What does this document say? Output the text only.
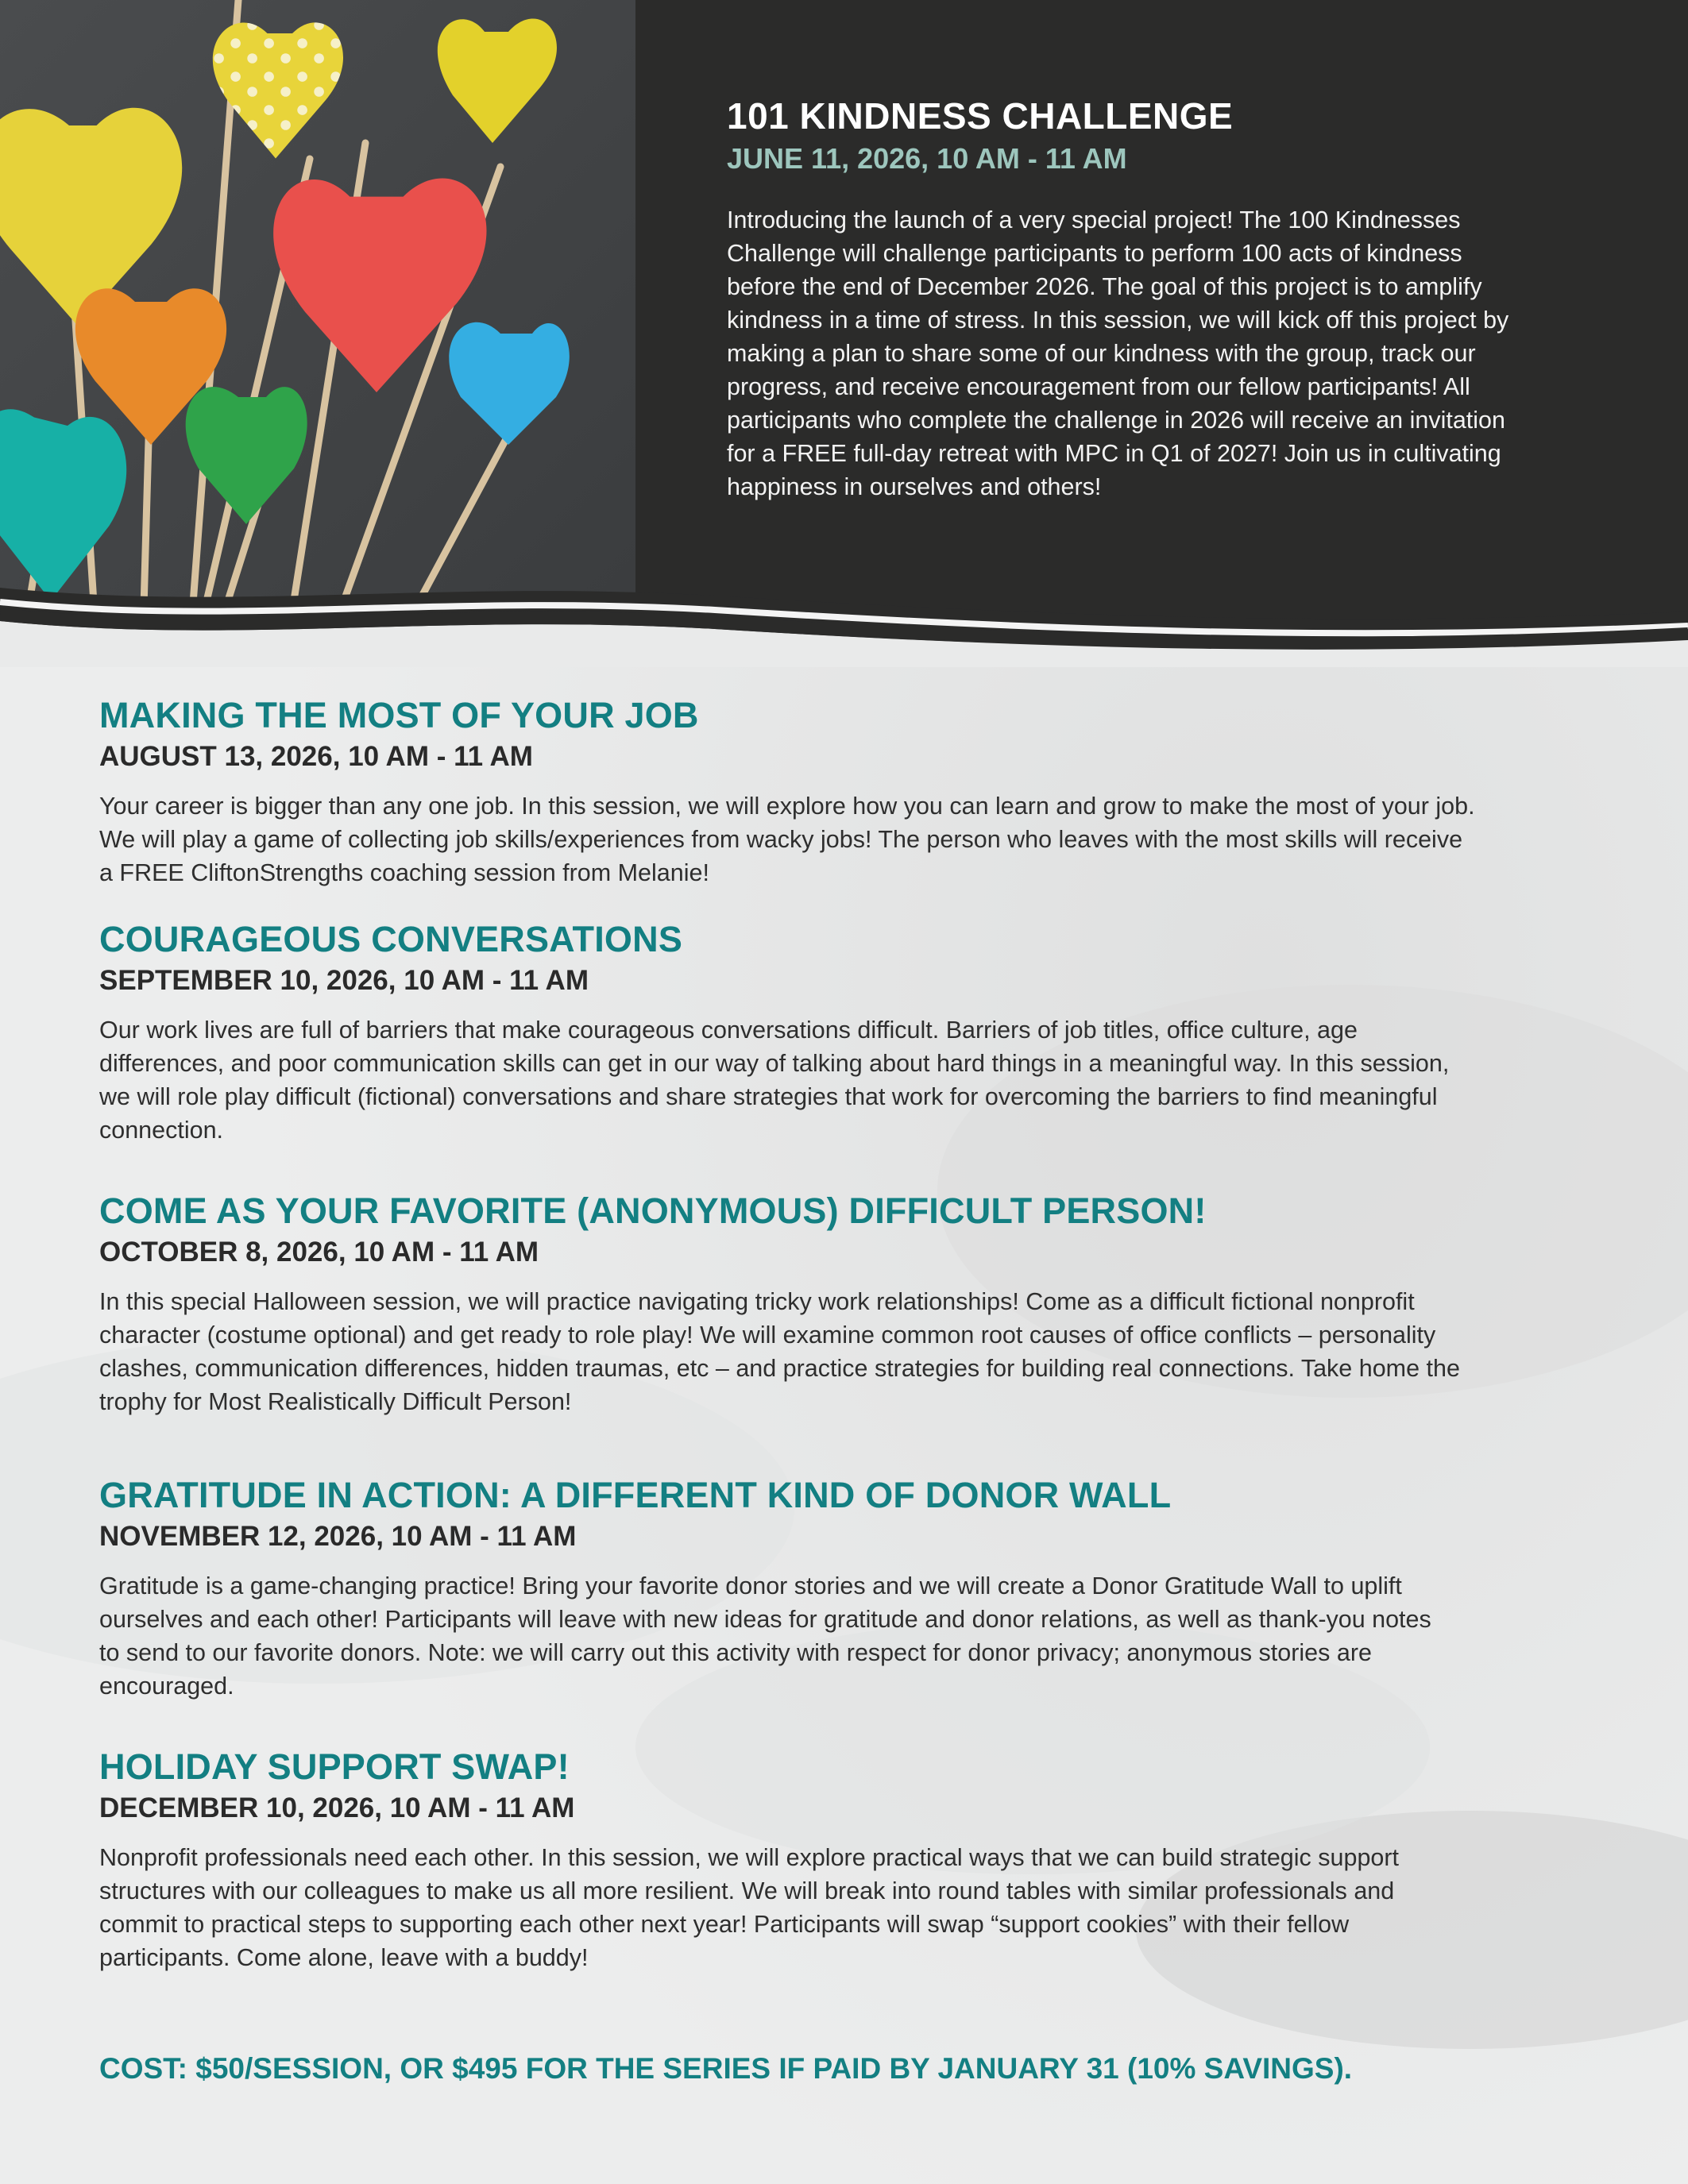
101 KINDNESS CHALLENGE
JUNE 11, 2026, 10 AM - 11 AM

Introducing the launch of a very special project! The 100 Kindnesses
Challenge will challenge participants to perform 100 acts of kindness
before the end of December 2026. The goal of this project is to amplify
kindness in a time of stress. In this session, we will kick off this project by
making a plan to share some of our kindness with the group, track our
progress, and receive encouragement from our fellow participants! All
participants who complete the challenge in 2026 will receive an invitation
for a FREE full-day retreat with MPC in Q1 of 2027! Join us in cultivating
happiness in ourselves and others!

MAKING THE MOST OF YOUR JOB
AUGUST 13, 2026, 10 AM - 11 AM

Your career is bigger than any one job. In this session, we will explore how you can learn and grow to make the most of your job.
We will play a game of collecting job skills/experiences from wacky jobs! The person who leaves with the most skills will receive
a FREE CliftonStrengths coaching session from Melanie!

COURAGEOUS CONVERSATIONS
SEPTEMBER 10, 2026, 10 AM - 11 AM

Our work lives are full of barriers that make courageous conversations difficult. Barriers of job titles, office culture, age
differences, and poor communication skills can get in our way of talking about hard things in a meaningful way. In this session,
we will role play difficult (fictional) conversations and share strategies that work for overcoming the barriers to find meaningful
connection.

COME AS YOUR FAVORITE (ANONYMOUS) DIFFICULT PERSON!
OCTOBER 8, 2026, 10 AM - 11 AM

In this special Halloween session, we will practice navigating tricky work relationships! Come as a difficult fictional nonprofit
character (costume optional) and get ready to role play! We will examine common root causes of office conflicts – personality
clashes, communication differences, hidden traumas, etc – and practice strategies for building real connections. Take home the
trophy for Most Realistically Difficult Person!

GRATITUDE IN ACTION: A DIFFERENT KIND OF DONOR WALL
NOVEMBER 12, 2026, 10 AM - 11 AM

Gratitude is a game-changing practice! Bring your favorite donor stories and we will create a Donor Gratitude Wall to uplift
ourselves and each other! Participants will leave with new ideas for gratitude and donor relations, as well as thank-you notes
to send to our favorite donors. Note: we will carry out this activity with respect for donor privacy; anonymous stories are
encouraged.

HOLIDAY SUPPORT SWAP!
DECEMBER 10, 2026, 10 AM - 11 AM

Nonprofit professionals need each other. In this session, we will explore practical ways that we can build strategic support
structures with our colleagues to make us all more resilient. We will break into round tables with similar professionals and
commit to practical steps to supporting each other next year! Participants will swap “support cookies” with their fellow
participants. Come alone, leave with a buddy!

COST: $50/SESSION, OR $495 FOR THE SERIES IF PAID BY JANUARY 31 (10% SAVINGS).
